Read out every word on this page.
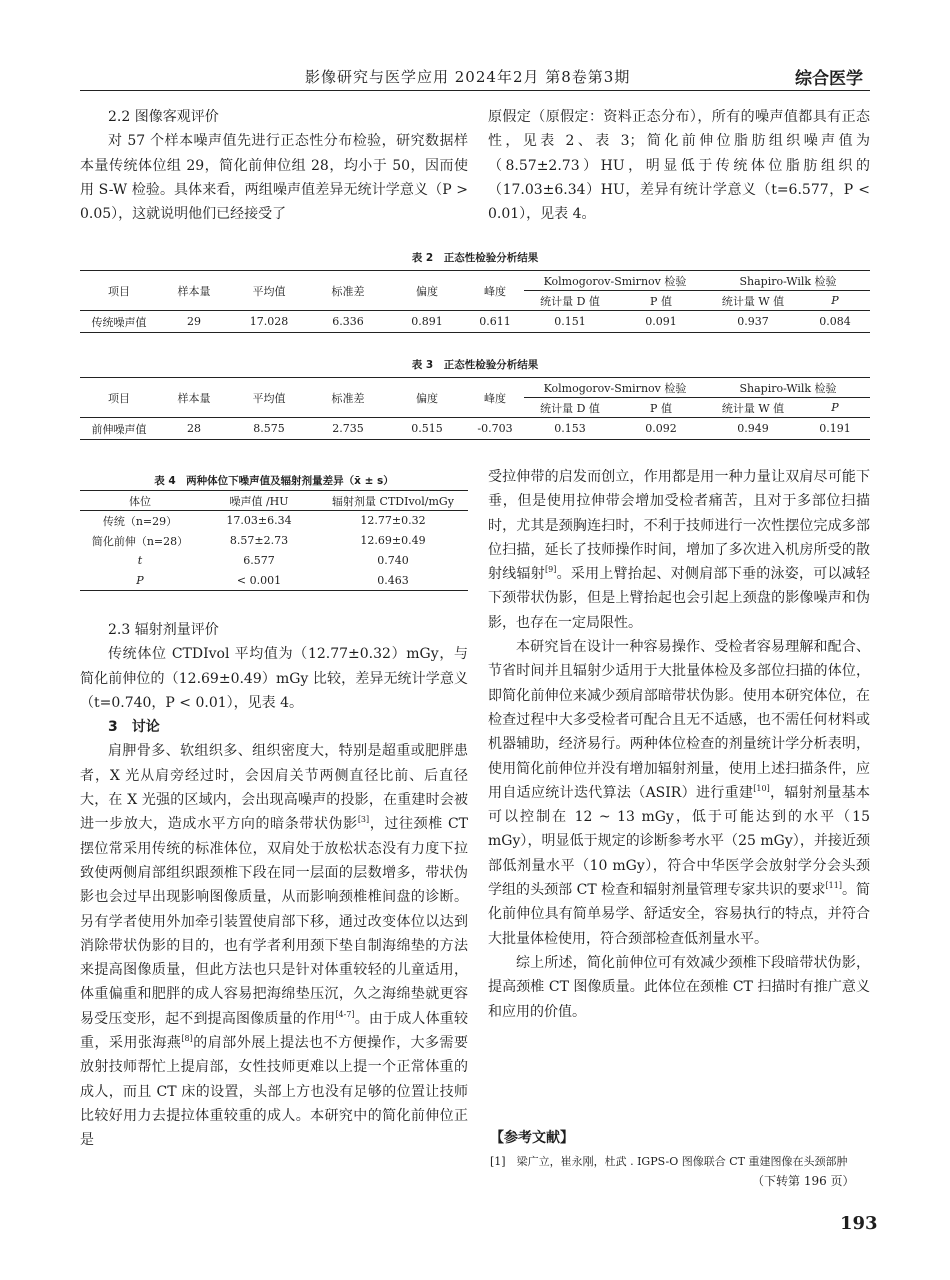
影像研究与医学应用 2024年2月 第8卷第3期	综合医学

2.2 图像客观评价

对 57 个样本噪声值先进行正态性分布检验，研究数据样本量传统体位组 29，简化前伸位组 28，均小于 50，因而使用 S-W 检验。具体来看，两组噪声值差异无统计学意义（P > 0.05），这就说明他们已经接受了

原假定（原假定：资料正态分布），所有的噪声值都具有正态性，见表 2、表 3；简化前伸位脂肪组织噪声值为（8.57±2.73）HU，明显低于传统体位脂肪组织的（17.03±6.34）HU，差异有统计学意义（t=6.577，P < 0.01），见表 4。

表 2　正态性检验分析结果
项目	样本量	平均值	标准差	偏度	峰度	Kolmogorov-Smirnov 检验		Shapiro-Wilk 检验	
						统计量 D 值	P 值	统计量 W 值	P
传统噪声值	29	17.028	6.336	0.891	0.611	0.151	0.091	0.937	0.084
表 3　正态性检验分析结果
项目	样本量	平均值	标准差	偏度	峰度	Kolmogorov-Smirnov 检验		Shapiro-Wilk 检验	
						统计量 D 值	P 值	统计量 W 值	P
前伸噪声值	28	8.575	2.735	0.515	-0.703	0.153	0.092	0.949	0.191
表 4　两种体位下噪声值及辐射剂量差异（x̄ ± s）
体位	噪声值 /HU	辐射剂量 CTDIvol/mGy
传统（n=29）	17.03±6.34	12.77±0.32
简化前伸（n=28）	8.57±2.73	12.69±0.49
t	6.577	0.740
P	< 0.001	0.463

2.3 辐射剂量评价

传统体位 CTDIvol 平均值为（12.77±0.32）mGy，与简化前伸位的（12.69±0.49）mGy 比较，差异无统计学意义（t=0.740，P < 0.01），见表 4。

3　讨论

肩胛骨多、软组织多、组织密度大，特别是超重或肥胖患者，X 光从肩旁经过时，会因肩关节两侧直径比前、后直径大，在 X 光强的区域内，会出现高噪声的投影，在重建时会被进一步放大，造成水平方向的暗条带状伪影[3]，过往颈椎 CT 摆位常采用传统的标准体位，双肩处于放松状态没有力度下拉致使两侧肩部组织跟颈椎下段在同一层面的层数增多，带状伪影也会过早出现影响图像质量，从而影响颈椎椎间盘的诊断。另有学者使用外加牵引装置使肩部下移，通过改变体位以达到消除带状伪影的目的，也有学者利用颈下垫自制海绵垫的方法来提高图像质量，但此方法也只是针对体重较轻的儿童适用，体重偏重和肥胖的成人容易把海绵垫压沉，久之海绵垫就更容易受压变形，起不到提高图像质量的作用[4-7]。由于成人体重较重，采用张海燕[8]的肩部外展上提法也不方便操作，大多需要放射技师帮忙上提肩部，女性技师更难以上提一个正常体重的成人，而且 CT 床的设置，头部上方也没有足够的位置让技师比较好用力去提拉体重较重的成人。本研究中的简化前伸位正是

受拉伸带的启发而创立，作用都是用一种力量让双肩尽可能下垂，但是使用拉伸带会增加受检者痛苦，且对于多部位扫描时，尤其是颈胸连扫时，不利于技师进行一次性摆位完成多部位扫描，延长了技师操作时间，增加了多次进入机房所受的散射线辐射[9]。采用上臂抬起、对侧肩部下垂的泳姿，可以减轻下颈带状伪影，但是上臂抬起也会引起上颈盘的影像噪声和伪影，也存在一定局限性。

本研究旨在设计一种容易操作、受检者容易理解和配合、节省时间并且辐射少适用于大批量体检及多部位扫描的体位，即简化前伸位来减少颈肩部暗带状伪影。使用本研究体位，在检查过程中大多受检者可配合且无不适感，也不需任何材料或机器辅助，经济易行。两种体位检查的剂量统计学分析表明，使用简化前伸位并没有增加辐射剂量，使用上述扫描条件，应用自适应统计迭代算法（ASIR）进行重建[10]，辐射剂量基本可以控制在 12 ~ 13 mGy，低于可能达到的水平（15 mGy），明显低于规定的诊断参考水平（25 mGy），并接近颈部低剂量水平（10 mGy），符合中华医学会放射学分会头颈学组的头颈部 CT 检查和辐射剂量管理专家共识的要求[11]。简化前伸位具有简单易学、舒适安全，容易执行的特点，并符合大批量体检使用，符合颈部检查低剂量水平。

综上所述，简化前伸位可有效减少颈椎下段暗带状伪影，提高颈椎 CT 图像质量。此体位在颈椎 CT 扫描时有推广意义和应用的价值。

【参考文献】
[1]　梁广立，崔永刚，杜武 . IGPS-O 图像联合 CT 重建图像在头颈部肿
（下转第 196 页）
193
